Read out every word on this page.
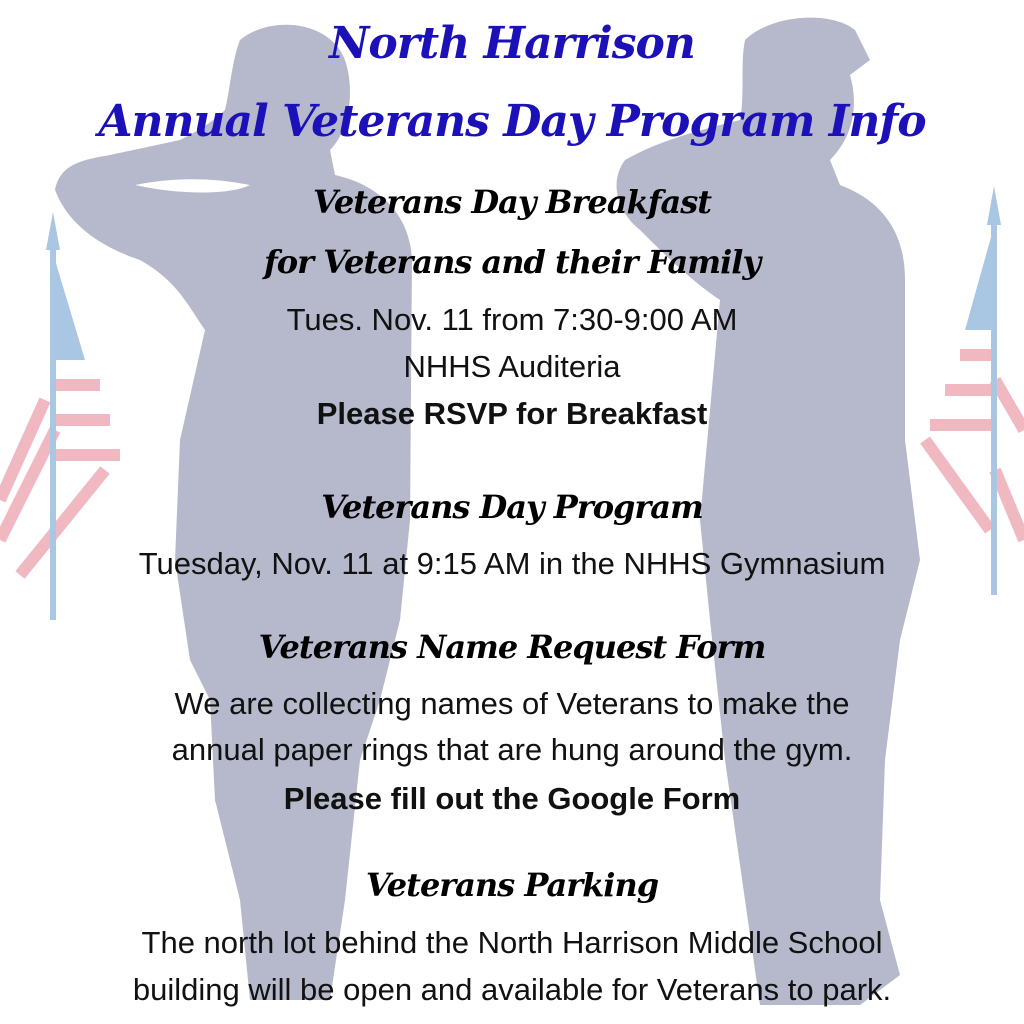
North Harrison
Annual Veterans Day Program Info
Veterans Day Breakfast
for Veterans and their Family
Tues. Nov. 11 from 7:30-9:00 AM
NHHS Auditeria
Please RSVP for Breakfast
Veterans Day Program
Tuesday, Nov. 11 at 9:15 AM in the NHHS Gymnasium
Veterans Name Request Form
We are collecting names of Veterans to make the
annual paper rings that are hung around the gym.
Please fill out the Google Form
Veterans Parking
The north lot behind the North Harrison Middle School
building will be open and available for Veterans to park.
